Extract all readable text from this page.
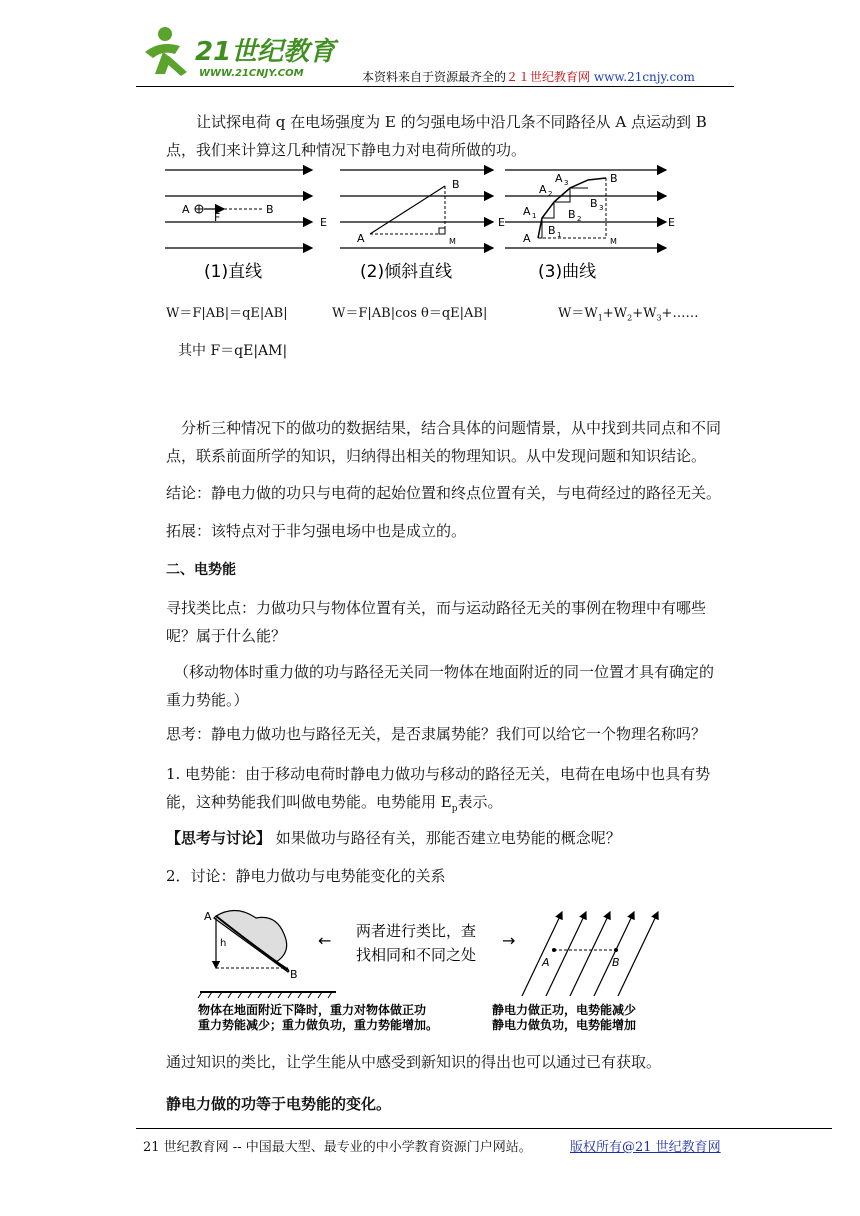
21世纪教育
WWW.21CNJY.COM	本资料来自于资源最齐全的２１世纪教育网 www.21cnjy.com
让试探电荷 q 在电场强度为 E 的匀强电场中沿几条不同路径从 A 点运动到 B 点，我们来计算这几种情况下静电力对电荷所做的功。
A
F
B
(1)直线
A
B
M
(2)倾斜直线
A
A 1
A 2
A 3	B
B 1
B 2
B 3
M
(3)曲线
E	E	E
W＝F|AB|＝qE|AB|	W＝F|AB|cos θ＝qE|AB|	$W=W_1+W_2+W_3+\dots\dots$
其中 F＝qE|AM|
分析三种情况下的做功的数据结果，结合具体的问题情景，从中找到共同点和不同点，联系前面所学的知识，归纳得出相关的物理知识。从中发现问题和知识结论。
结论：静电力做的功只与电荷的起始位置和终点位置有关，与电荷经过的路径无关。
拓展：该特点对于非匀强电场中也是成立的。
二、电势能
寻找类比点：力做功只与物体位置有关，而与运动路径无关的事例在物理中有哪些呢？属于什么能？
（移动物体时重力做的功与路径无关同一物体在地面附近的同一位置才具有确定的重力势能。）
思考：静电力做功也与路径无关，是否隶属势能？我们可以给它一个物理名称吗？
1. 电势能：由于移动电荷时静电力做功与移动的路径无关，电荷在电场中也具有势能，这种势能我们叫做电势能。电势能用 $E_p$表示。
【思考与讨论】 如果做功与路径有关，那能否建立电势能的概念呢？
2．讨论：静电力做功与电势能变化的关系
A
h
B
← 两者进行类比，查
找相同和不同之处
→
A	B
物体在地面附近下降时，重力对物体做正功
重力势能减少；重力做负功，重力势能增加。
静电力做正功，电势能减少
静电力做负功，电势能增加
通过知识的类比，让学生能从中感受到新知识的得出也可以通过已有获取。
静电力做的功等于电势能的变化。
21 世纪教育网 -- 中国最大型、最专业的中小学教育资源门户网站。	版权所有@21 世纪教育网
